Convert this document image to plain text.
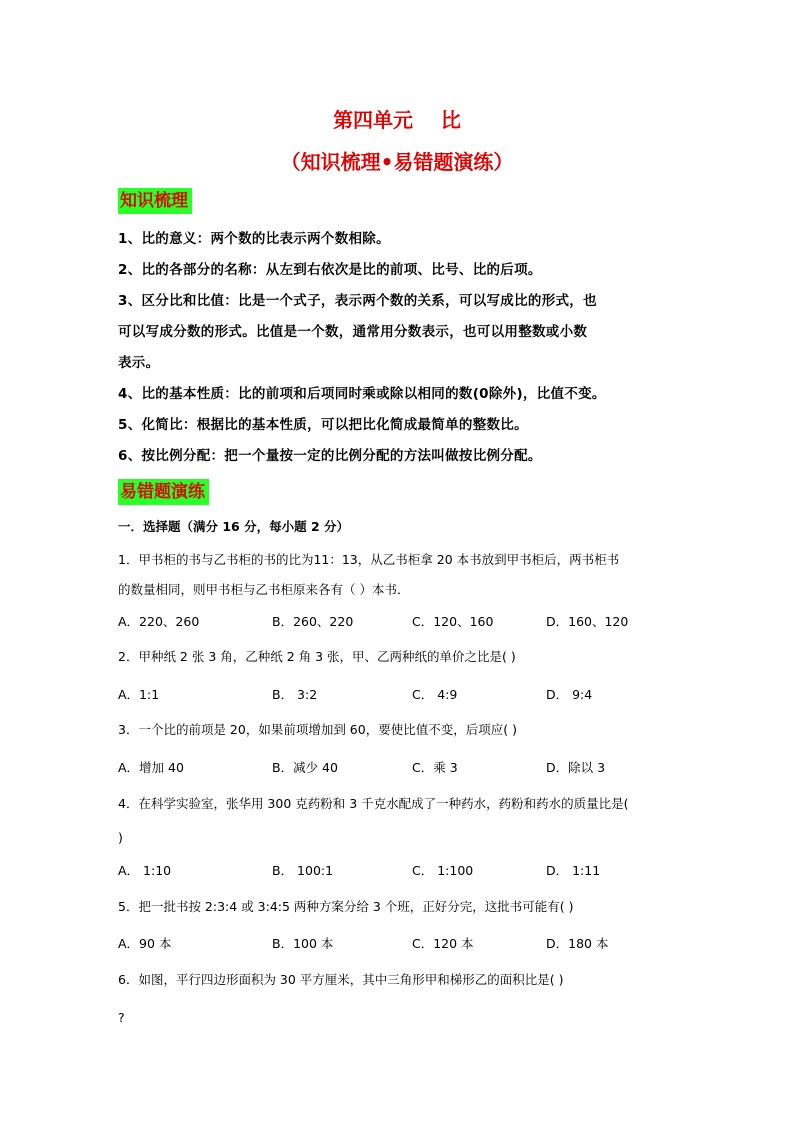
第四单元    比
（知识梳理•易错题演练）
知识梳理
1、比的意义：两个数的比表示两个数相除。
2、比的各部分的名称：从左到右依次是比的前项、比号、比的后项。
3、区分比和比值：比是一个式子，表示两个数的关系，可以写成比的形式，也
可以写成分数的形式。比值是一个数，通常用分数表示，也可以用整数或小数
表示。
4、比的基本性质：比的前项和后项同时乘或除以相同的数(0除外)，比值不变。
5、化简比：根据比的基本性质，可以把比化简成最简单的整数比。
6、按比例分配：把一个量按一定的比例分配的方法叫做按比例分配。
易错题演练
一．选择题（满分 16 分，每小题 2 分）
1．甲书柜的书与乙书柜的书的比为11：13，从乙书柜拿 20 本书放到甲书柜后，两书柜书
的数量相同，则甲书柜与乙书柜原来各有（ ）本书．
A．220、260	B．260、220	C．120、160	D．160、120
2．甲种纸 2 张 3 角，乙种纸 2 角 3 张，甲、乙两种纸的单价之比是( )
A．1:1	B． 3:2	C． 4:9	D． 9:4
3．一个比的前项是 20，如果前项增加到 60，要使比值不变，后项应( )
A．增加 40	B．减少 40	C．乘 3	D．除以 3
4．在科学实验室，张华用 300 克药粉和 3 千克水配成了一种药水，药粉和药水的质量比是(
)
A． 1:10	B． 100:1	C． 1:100	D． 1:11
5．把一批书按 2:3:4 或 3:4:5 两种方案分给 3 个班，正好分完，这批书可能有( )
A．90 本	B．100 本	C．120 本	D．180 本
6．如图，平行四边形面积为 30 平方厘米，其中三角形甲和梯形乙的面积比是( )
?
